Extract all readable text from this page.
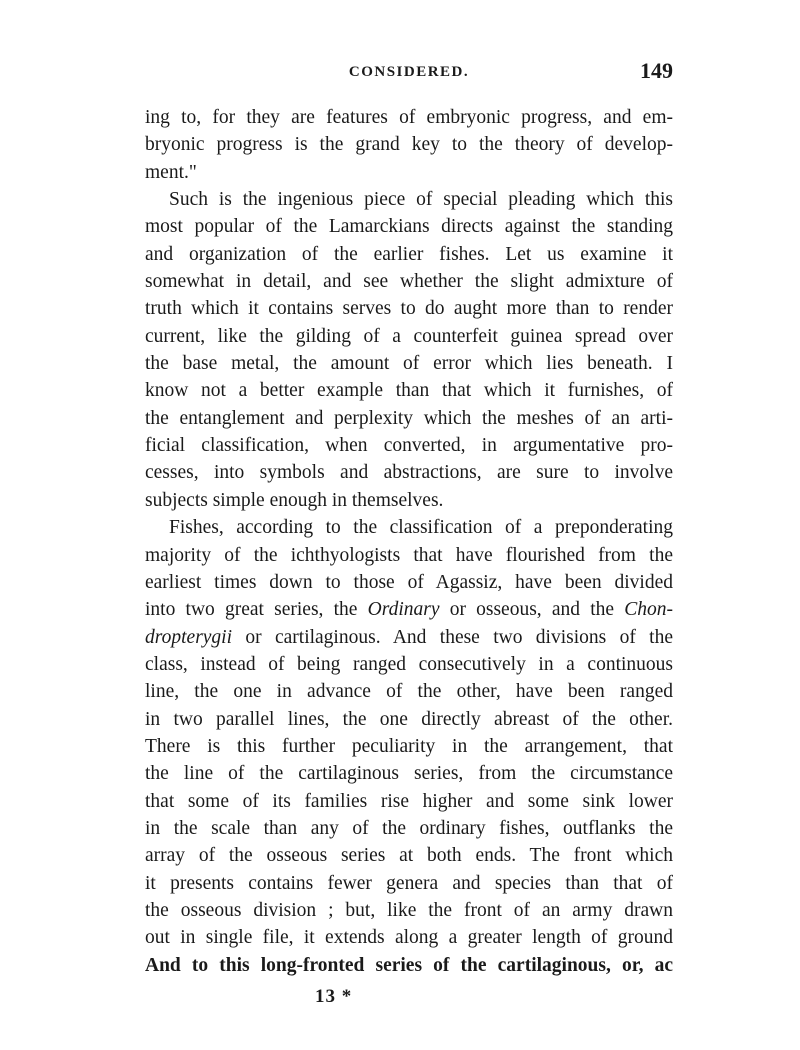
CONSIDERED.	149
ing to, for they are features of embryonic progress, and em-
bryonic progress is the grand key to the theory of develop-
ment."
Such is the ingenious piece of special pleading which this
most popular of the Lamarckians directs against the standing
and organization of the earlier fishes. Let us examine it
somewhat in detail, and see whether the slight admixture of
truth which it contains serves to do aught more than to render
current, like the gilding of a counterfeit guinea spread over
the base metal, the amount of error which lies beneath. I
know not a better example than that which it furnishes, of
the entanglement and perplexity which the meshes of an arti-
ficial classification, when converted, in argumentative pro-
cesses, into symbols and abstractions, are sure to involve
subjects simple enough in themselves.
Fishes, according to the classification of a preponderating
majority of the ichthyologists that have flourished from the
earliest times down to those of Agassiz, have been divided
into two great series, the Ordinary or osseous, and the Chon-
dropterygii or cartilaginous. And these two divisions of the
class, instead of being ranged consecutively in a continuous
line, the one in advance of the other, have been ranged
in two parallel lines, the one directly abreast of the other.
There is this further peculiarity in the arrangement, that
the line of the cartilaginous series, from the circumstance
that some of its families rise higher and some sink lower
in the scale than any of the ordinary fishes, outflanks the
array of the osseous series at both ends. The front which
it presents contains fewer genera and species than that of
the osseous division ; but, like the front of an army drawn
out in single file, it extends along a greater length of ground
And to this long-fronted series of the cartilaginous, or, ac
13 *
